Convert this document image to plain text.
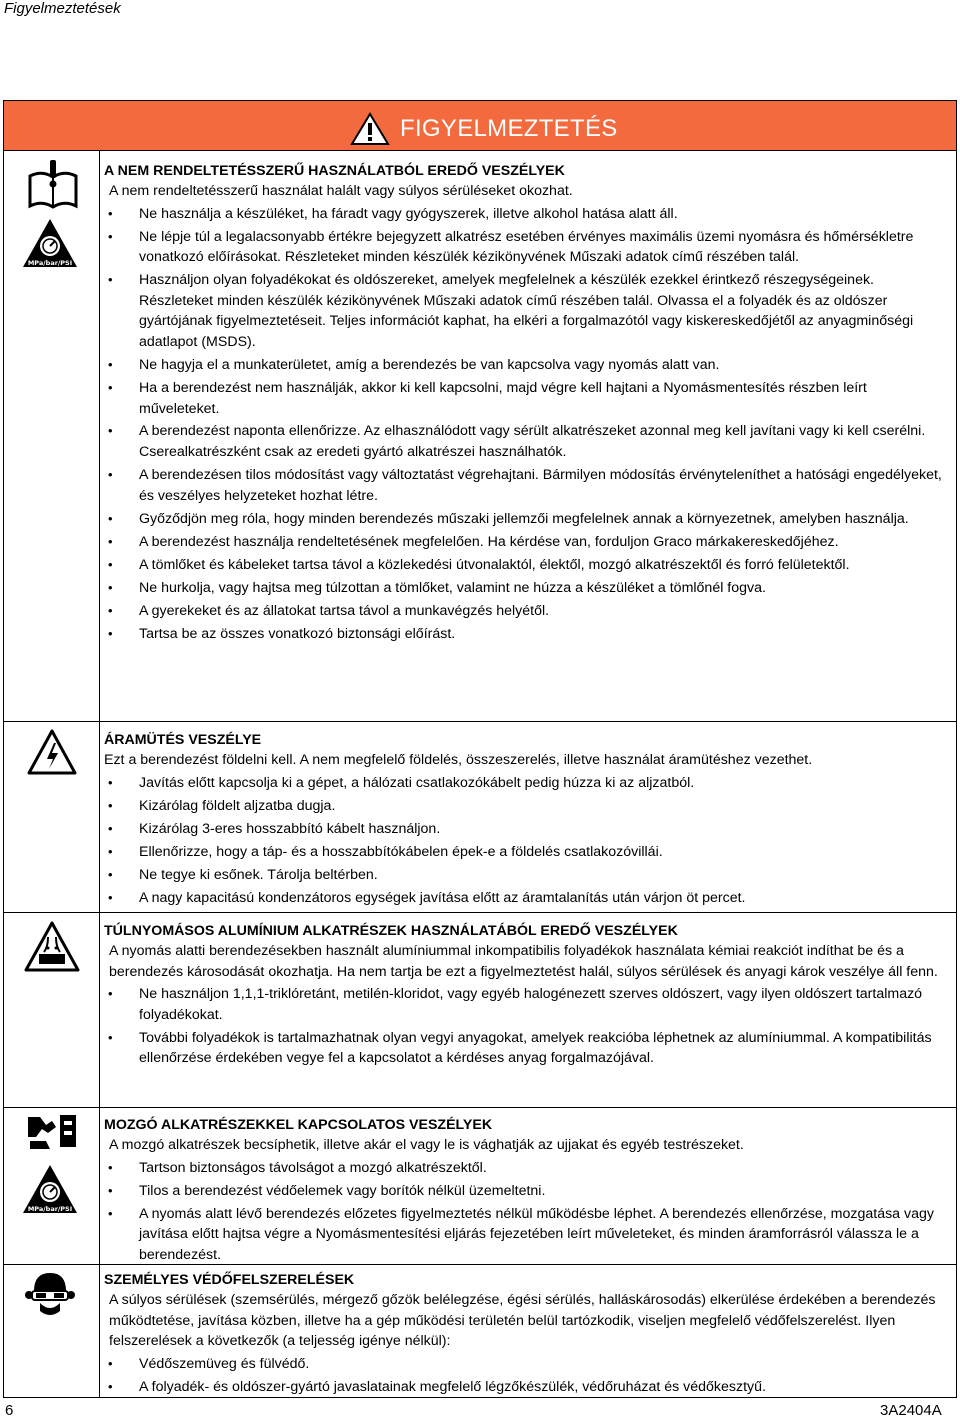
Figyelmeztetések
FIGYELMEZTETÉS
MPa/bar/PSI
MPa/bar/PSI
A NEM RENDELTETÉSSZERŰ HASZNÁLATBÓL EREDŐ VESZÉLYEK

A nem rendeltetésszerű használat halált vagy súlyos sérüléseket okozhat.

• Ne használja a készüléket, ha fáradt vagy gyógyszerek, illetve alkohol hatása alatt áll.
• Ne lépje túl a legalacsonyabb értékre bejegyzett alkatrész esetében érvényes maximális üzemi nyomásra és hőmérsékletre vonatkozó előírásokat. Részleteket minden készülék kézikönyvének Műszaki adatok című részében talál.
• Használjon olyan folyadékokat és oldószereket, amelyek megfelelnek a készülék ezekkel érintkező részegységeinek. Részleteket minden készülék kézikönyvének Műszaki adatok című részében talál. Olvassa el a folyadék és az oldószer gyártójának figyelmeztetéseit. Teljes információt kaphat, ha elkéri a forgalmazótól vagy kiskereskedőjétől az anyagminőségi adatlapot (MSDS).
• Ne hagyja el a munkaterületet, amíg a berendezés be van kapcsolva vagy nyomás alatt van.
• Ha a berendezést nem használják, akkor ki kell kapcsolni, majd végre kell hajtani a Nyomásmentesítés részben leírt műveleteket.
• A berendezést naponta ellenőrizze. Az elhasználódott vagy sérült alkatrészeket azonnal meg kell javítani vagy ki kell cserélni. Cserealkatrészként csak az eredeti gyártó alkatrészei használhatók.
• A berendezésen tilos módosítást vagy változtatást végrehajtani. Bármilyen módosítás érvényteleníthet a hatósági engedélyeket, és veszélyes helyzeteket hozhat létre.
• Győződjön meg róla, hogy minden berendezés műszaki jellemzői megfelelnek annak a környezetnek, amelyben használja.
• A berendezést használja rendeltetésének megfelelően. Ha kérdése van, forduljon Graco márkakereskedőjéhez.
• A tömlőket és kábeleket tartsa távol a közlekedési útvonalaktól, élektől, mozgó alkatrészektől és forró felületektől.
• Ne hurkolja, vagy hajtsa meg túlzottan a tömlőket, valamint ne húzza a készüléket a tömlőnél fogva.
• A gyerekeket és az állatokat tartsa távol a munkavégzés helyétől.
• Tartsa be az összes vonatkozó biztonsági előírást.
ÁRAMÜTÉS VESZÉLYE

Ezt a berendezést földelni kell. A nem megfelelő földelés, összeszerelés, illetve használat áramütéshez vezethet.

• Javítás előtt kapcsolja ki a gépet, a hálózati csatlakozókábelt pedig húzza ki az aljzatból.
• Kizárólag földelt aljzatba dugja.
• Kizárólag 3-eres hosszabbító kábelt használjon.
• Ellenőrizze, hogy a táp- és a hosszabbítókábelen épek-e a földelés csatlakozóvillái.
• Ne tegye ki esőnek. Tárolja beltérben.
• A nagy kapacitású kondenzátoros egységek javítása előtt az áramtalanítás után várjon öt percet.
TÚLNYOMÁSOS ALUMÍNIUM ALKATRÉSZEK HASZNÁLATÁBÓL EREDŐ VESZÉLYEK

A nyomás alatti berendezésekben használt alumíniummal inkompatibilis folyadékok használata kémiai reakciót indíthat be és a berendezés károsodását okozhatja. Ha nem tartja be ezt a figyelmeztetést halál, súlyos sérülések és anyagi károk veszélye áll fenn.

• Ne használjon 1,1,1-triklóretánt, metilén-kloridot, vagy egyéb halogénezett szerves oldószert, vagy ilyen oldószert tartalmazó folyadékokat.
• További folyadékok is tartalmazhatnak olyan vegyi anyagokat, amelyek reakcióba léphetnek az alumíniummal. A kompatibilitás ellenőrzése érdekében vegye fel a kapcsolatot a kérdéses anyag forgalmazójával.
MOZGÓ ALKATRÉSZEKKEL KAPCSOLATOS VESZÉLYEK

A mozgó alkatrészek becsíphetik, illetve akár el vagy le is vághatják az ujjakat és egyéb testrészeket.

• Tartson biztonságos távolságot a mozgó alkatrészektől.
• Tilos a berendezést védőelemek vagy borítók nélkül üzemeltetni.
• A nyomás alatt lévő berendezés előzetes figyelmeztetés nélkül működésbe léphet. A berendezés ellenőrzése, mozgatása vagy javítása előtt hajtsa végre a Nyomásmentesítési eljárás fejezetében leírt műveleteket, és minden áramforrásról válassza le a berendezést.
SZEMÉLYES VÉDŐFELSZERELÉSEK

A súlyos sérülések (szemsérülés, mérgező gőzök belélegzése, égési sérülés, halláskárosodás) elkerülése érdekében a berendezés működtetése, javítása közben, illetve ha a gép működési területén belül tartózkodik, viseljen megfelelő védőfelszerelést. Ilyen felszerelések a következők (a teljesség igénye nélkül):

• Védőszemüveg és fülvédő.
• A folyadék- és oldószer-gyártó javaslatainak megfelelő légzőkészülék, védőruházat és védőkesztyű.
6	3A2404A
